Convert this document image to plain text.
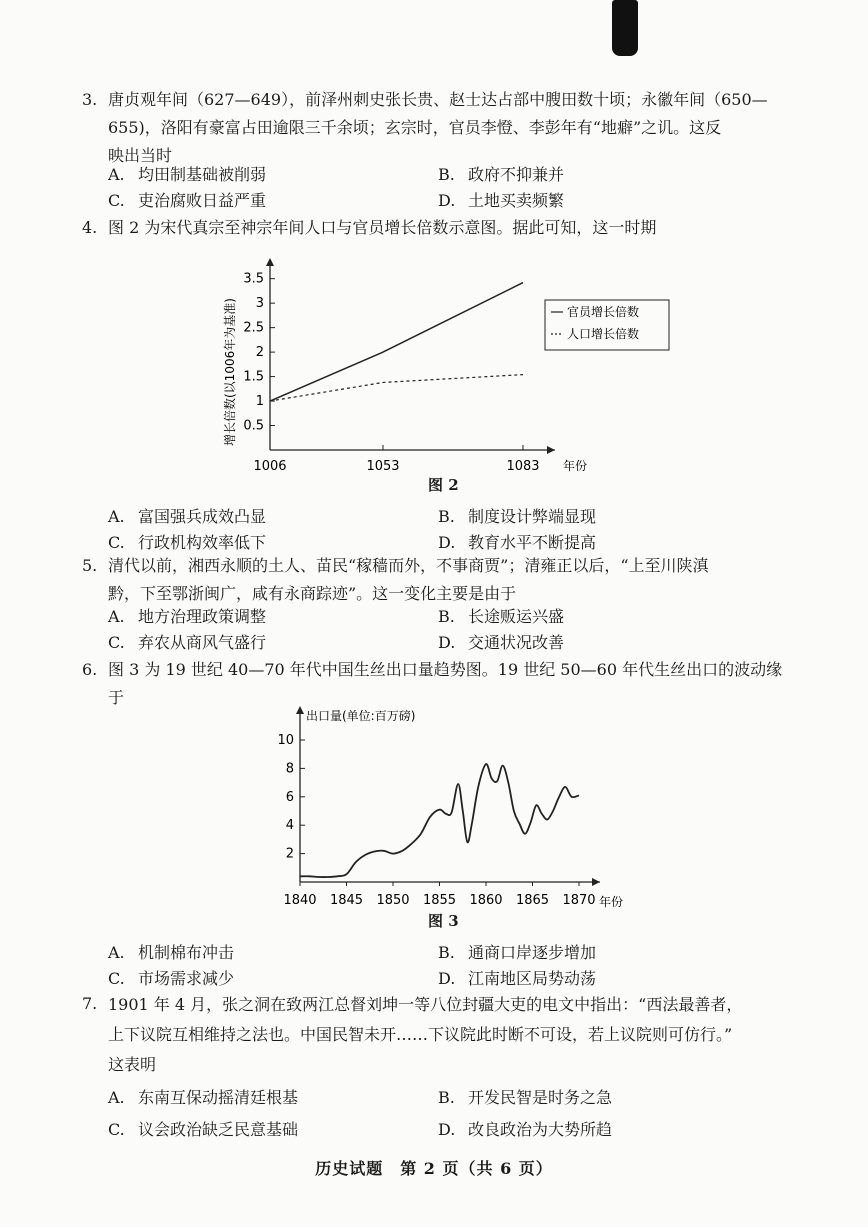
3. 唐贞观年间（627—649），前泽州刺史张长贵、赵士达占部中膄田数十顷；永徽年间（650—
655)，洛阳有豪富占田逾限三千余顷；玄宗时，官员李憕、李彭年有“地癖”之讥。这反
映出当时
A. 均田制基础被削弱	B. 政府不抑兼并
C. 吏治腐败日益严重	D. 土地买卖频繁
4. 图 2 为宋代真宗至神宗年间人口与官员增长倍数示意图。据此可知，这一时期
0.5
1
1.5
2
2.5
3
3.5
1006	1053	1083 年份
增长倍数(以1006年为基准)	官员增长倍数
人口增长倍数
图 2
A. 富国强兵成效凸显	B. 制度设计弊端显现
C. 行政机构效率低下	D. 教育水平不断提高
5. 清代以前，湘西永顺的土人、苗民“稼穑而外，不事商贾”；清雍正以后，“上至川陕滇
黔，下至鄂浙闽广，咸有永商踪迹”。这一变化主要是由于
A. 地方治理政策调整	B. 长途贩运兴盛
C. 弃农从商风气盛行	D. 交通状况改善
6. 图 3 为 19 世纪 40—70 年代中国生丝出口量趋势图。19 世纪 50—60 年代生丝出口的波动缘
于
2
4
6
8
10
1840 1845 1850 1855 1860 1865 1870 年份
出口量(单位:百万磅)
图 3
A. 机制棉布冲击	B. 通商口岸逐步增加
C. 市场需求减少	D. 江南地区局势动荡
7. 1901 年 4 月，张之洞在致两江总督刘坤一等八位封疆大吏的电文中指出：“西法最善者，
上下议院互相维持之法也。中国民智未开……下议院此时断不可设，若上议院则可仿行。”
这表明
A. 东南互保动摇清廷根基	B. 开发民智是时务之急
C. 议会政治缺乏民意基础	D. 改良政治为大势所趋
历史试题　第 2 页（共 6 页）
